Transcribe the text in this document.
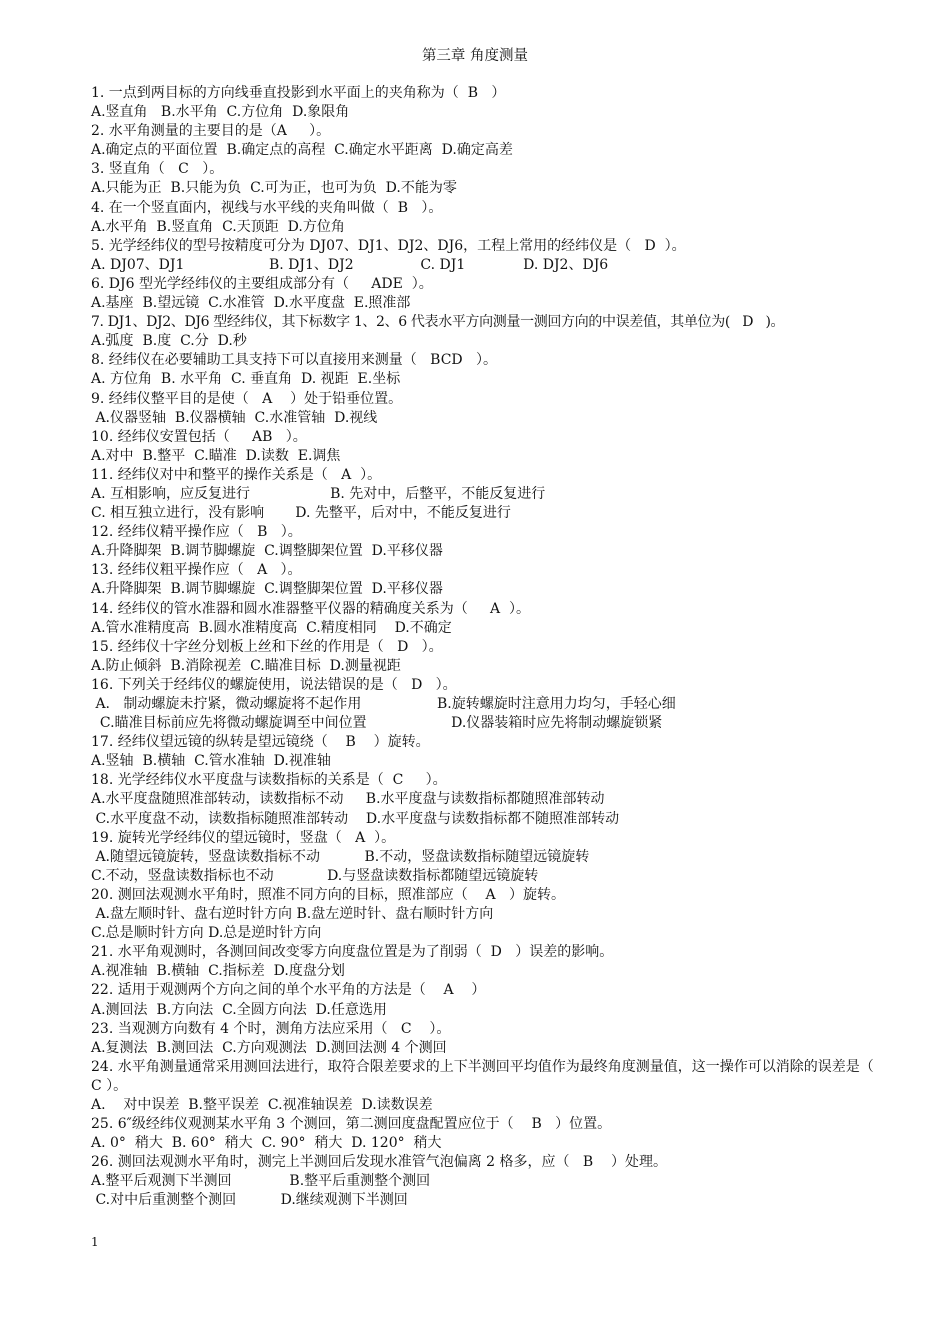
第三章 角度测量
1. 一点到两目标的方向线垂直投影到水平面上的夹角称为（  B   ）
A.竖直角   B.水平角  C.方位角  D.象限角
2. 水平角测量的主要目的是（A     ）。
A.确定点的平面位置  B.确定点的高程  C.确定水平距离  D.确定高差
3. 竖直角（   C   ）。
A.只能为正  B.只能为负  C.可为正，也可为负  D.不能为零
4. 在一个竖直面内，视线与水平线的夹角叫做（  B   ）。
A.水平角  B.竖直角  C.天顶距  D.方位角
5. 光学经纬仪的型号按精度可分为 DJ07、DJ1、DJ2、DJ6，工程上常用的经纬仪是（   D  ）。
A. DJ07、DJ1                   B. DJ1、DJ2               C. DJ1             D. DJ2、DJ6
6. DJ6 型光学经纬仪的主要组成部分有（     ADE  ）。
A.基座  B.望远镜  C.水准管  D.水平度盘  E.照准部
7. DJ1、DJ2、DJ6 型经纬仪，其下标数字 1、2、6 代表水平方向测量一测回方向的中误差值，其单位为(   D   )。
A.弧度  B.度  C.分  D.秒
8. 经纬仪在必要辅助工具支持下可以直接用来测量（   BCD   ）。
A. 方位角  B. 水平角  C. 垂直角  D. 视距  E.坐标
9. 经纬仪整平目的是使（   A    ）处于铅垂位置。
A.仪器竖轴  B.仪器横轴  C.水准管轴  D.视线
10. 经纬仪安置包括（     AB   ）。
A.对中  B.整平  C.瞄准  D.读数  E.调焦
11. 经纬仪对中和整平的操作关系是（   A  ）。
A. 互相影响，应反复进行                  B. 先对中，后整平，不能反复进行
C. 相互独立进行，没有影响       D. 先整平，后对中，不能反复进行
12. 经纬仪精平操作应（   B   ）。
A.升降脚架  B.调节脚螺旋  C.调整脚架位置  D.平移仪器
13. 经纬仪粗平操作应（   A   ）。
A.升降脚架  B.调节脚螺旋  C.调整脚架位置  D.平移仪器
14. 经纬仪的管水准器和圆水准器整平仪器的精确度关系为（     A  ）。
A.管水准精度高  B.圆水准精度高  C.精度相同    D.不确定
15. 经纬仪十字丝分划板上丝和下丝的作用是（   D   ）。
A.防止倾斜  B.消除视差  C.瞄准目标  D.测量视距
16. 下列关于经纬仪的螺旋使用，说法错误的是（   D   ）。
A.   制动螺旋未拧紧，微动螺旋将不起作用                 B.旋转螺旋时注意用力均匀，手轻心细
C.瞄准目标前应先将微动螺旋调至中间位置                   D.仪器装箱时应先将制动螺旋锁紧
17. 经纬仪望远镜的纵转是望远镜绕（    B    ）旋转。
A.竖轴  B.横轴  C.管水准轴  D.视准轴
18. 光学经纬仪水平度盘与读数指标的关系是（  C     ）。
A.水平度盘随照准部转动，读数指标不动     B.水平度盘与读数指标都随照准部转动
C.水平度盘不动，读数指标随照准部转动    D.水平度盘与读数指标都不随照准部转动
19. 旋转光学经纬仪的望远镜时，竖盘（   A  ）。
A.随望远镜旋转，竖盘读数指标不动          B.不动，竖盘读数指标随望远镜旋转
C.不动，竖盘读数指标也不动            D.与竖盘读数指标都随望远镜旋转
20. 测回法观测水平角时，照准不同方向的目标，照准部应（    A   ）旋转。
A.盘左顺时针、盘右逆时针方向 B.盘左逆时针、盘右顺时针方向
C.总是顺时针方向 D.总是逆时针方向
21. 水平角观测时，各测回间改变零方向度盘位置是为了削弱（  D   ）误差的影响。
A.视准轴  B.横轴  C.指标差  D.度盘分划
22. 适用于观测两个方向之间的单个水平角的方法是（    A    ）
A.测回法  B.方向法  C.全圆方向法  D.任意选用
23. 当观测方向数有 4 个时，测角方法应采用（   C    ）。
A.复测法  B.测回法  C.方向观测法  D.测回法测 4 个测回
24. 水平角测量通常采用测回法进行，取符合限差要求的上下半测回平均值作为最终角度测量值，这一操作可以消除的误差是（ C ）。
A.    对中误差  B.整平误差  C.视准轴误差  D.读数误差
25. 6″级经纬仪观测某水平角 3 个测回，第二测回度盘配置应位于（    B   ）位置。
A. 0°  稍大  B. 60°  稍大  C. 90°  稍大  D. 120°  稍大
26. 测回法观测水平角时，测完上半测回后发现水准管气泡偏离 2 格多，应（   B    ）处理。
A.整平后观测下半测回             B.整平后重测整个测回
C.对中后重测整个测回          D.继续观测下半测回
1
